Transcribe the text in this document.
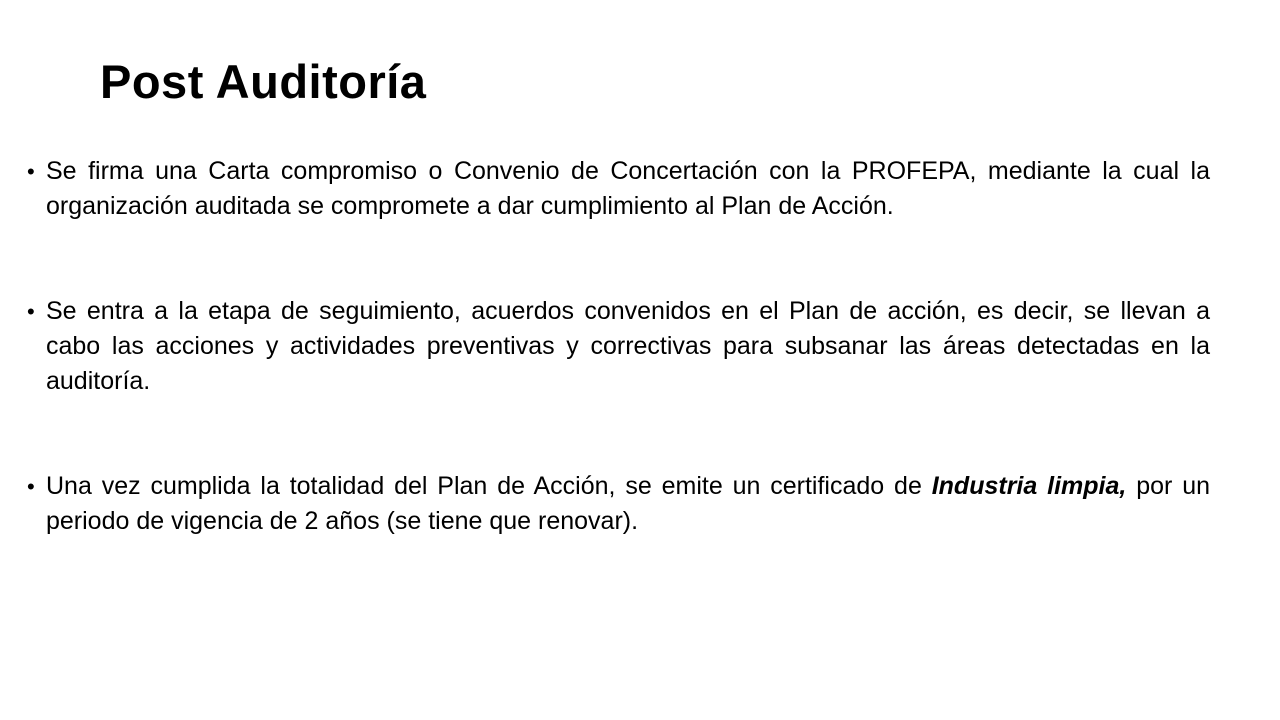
Post Auditoría
• Se firma una Carta compromiso o Convenio de Concertación con la PROFEPA, mediante la cual la organización auditada se compromete a dar cumplimiento al Plan de Acción.
• Se entra a la etapa de seguimiento, acuerdos convenidos en el Plan de acción, es decir, se llevan a cabo las acciones y actividades preventivas y correctivas para subsanar las áreas detectadas en la auditoría.
• Una vez cumplida la totalidad del Plan de Acción, se emite un certificado de Industria limpia, por un periodo de vigencia de 2 años (se tiene que renovar).
